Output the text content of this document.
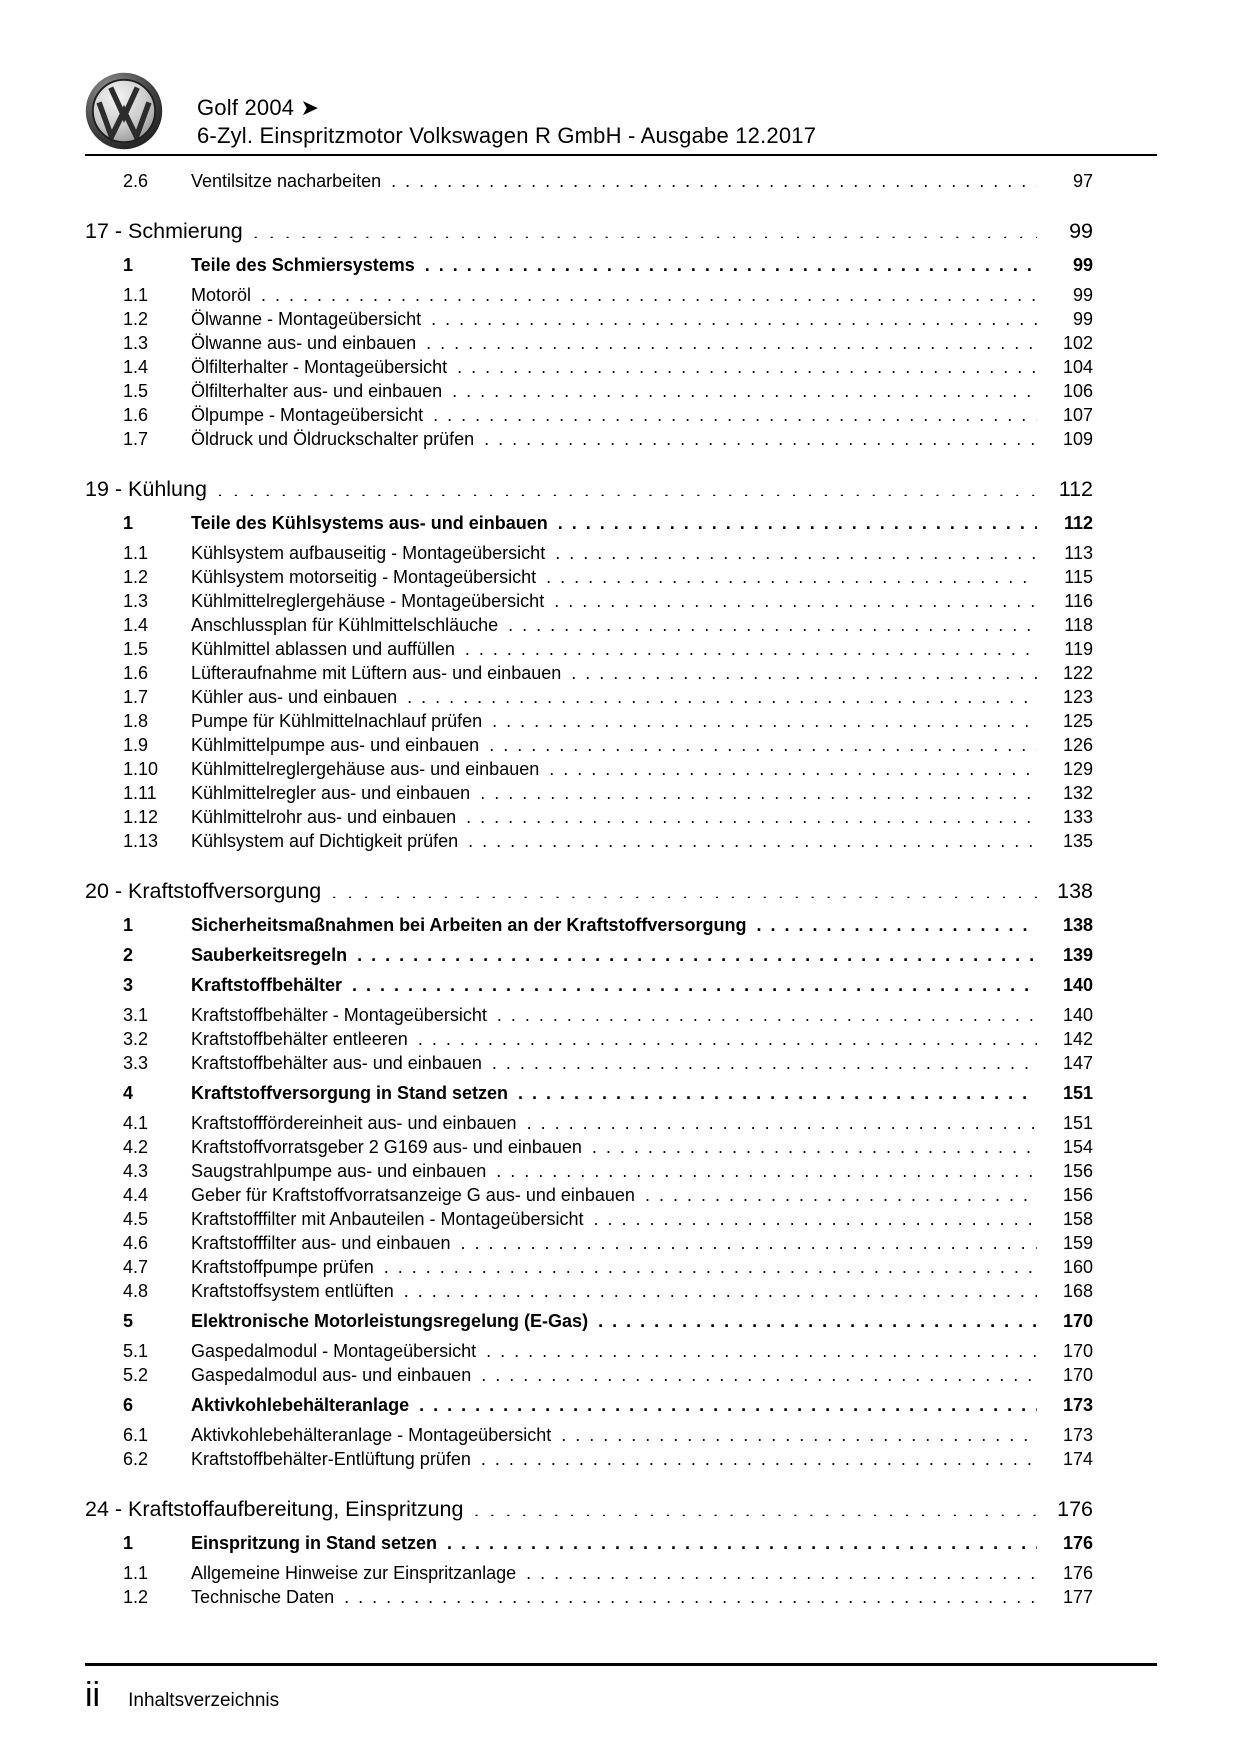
Golf 2004 ➤
6-Zyl. Einspritzmotor Volkswagen R GmbH - Ausgabe 12.2017
2.6	Ventilsitze nacharbeiten . . .	97
17 - Schmierung . . .	99
1	Teile des Schmiersystems . . .	99
1.1	Motoröl . . .	99
1.2	Ölwanne - Montageübersicht . . .	99
1.3	Ölwanne aus- und einbauen . . .	102
1.4	Ölfilterhalter - Montageübersicht . . .	104
1.5	Ölfilterhalter aus- und einbauen . . .	106
1.6	Ölpumpe - Montageübersicht . . .	107
1.7	Öldruck und Öldruckschalter prüfen . . .	109
19 - Kühlung . . .	112
1	Teile des Kühlsystems aus- und einbauen . . .	112
1.1	Kühlsystem aufbauseitig - Montageübersicht . . .	113
1.2	Kühlsystem motorseitig - Montageübersicht . . .	115
1.3	Kühlmittelreglergehäuse - Montageübersicht . . .	116
1.4	Anschlussplan für Kühlmittelschläuche . . .	118
1.5	Kühlmittel ablassen und auffüllen . . .	119
1.6	Lüfteraufnahme mit Lüftern aus- und einbauen . . .	122
1.7	Kühler aus- und einbauen . . .	123
1.8	Pumpe für Kühlmittelnachlauf prüfen . . .	125
1.9	Kühlmittelpumpe aus- und einbauen . . .	126
1.10	Kühlmittelreglergehäuse aus- und einbauen . . .	129
1.11	Kühlmittelregler aus- und einbauen . . .	132
1.12	Kühlmittelrohr aus- und einbauen . . .	133
1.13	Kühlsystem auf Dichtigkeit prüfen . . .	135
20 - Kraftstoffversorgung . . .	138
1	Sicherheitsmaßnahmen bei Arbeiten an der Kraftstoffversorgung . . .	138
2	Sauberkeitsregeln . . .	139
3	Kraftstoffbehälter . . .	140
3.1	Kraftstoffbehälter - Montageübersicht . . .	140
3.2	Kraftstoffbehälter entleeren . . .	142
3.3	Kraftstoffbehälter aus- und einbauen . . .	147
4	Kraftstoffversorgung in Stand setzen . . .	151
4.1	Kraftstofffördereinheit aus- und einbauen . . .	151
4.2	Kraftstoffvorratsgeber 2 G169 aus- und einbauen . . .	154
4.3	Saugstrahlpumpe aus- und einbauen . . .	156
4.4	Geber für Kraftstoffvorratsanzeige G aus- und einbauen . . .	156
4.5	Kraftstofffilter mit Anbauteilen - Montageübersicht . . .	158
4.6	Kraftstofffilter aus- und einbauen . . .	159
4.7	Kraftstoffpumpe prüfen . . .	160
4.8	Kraftstoffsystem entlüften . . .	168
5	Elektronische Motorleistungsregelung (E-Gas) . . .	170
5.1	Gaspedalmodul - Montageübersicht . . .	170
5.2	Gaspedalmodul aus- und einbauen . . .	170
6	Aktivkohlebehälteranlage . . .	173
6.1	Aktivkohlebehälteranlage - Montageübersicht . . .	173
6.2	Kraftstoffbehälter-Entlüftung prüfen . . .	174
24 - Kraftstoffaufbereitung, Einspritzung . . .	176
1	Einspritzung in Stand setzen . . .	176
1.1	Allgemeine Hinweise zur Einspritzanlage . . .	176
1.2	Technische Daten . . .	177
ii Inhaltsverzeichnis
